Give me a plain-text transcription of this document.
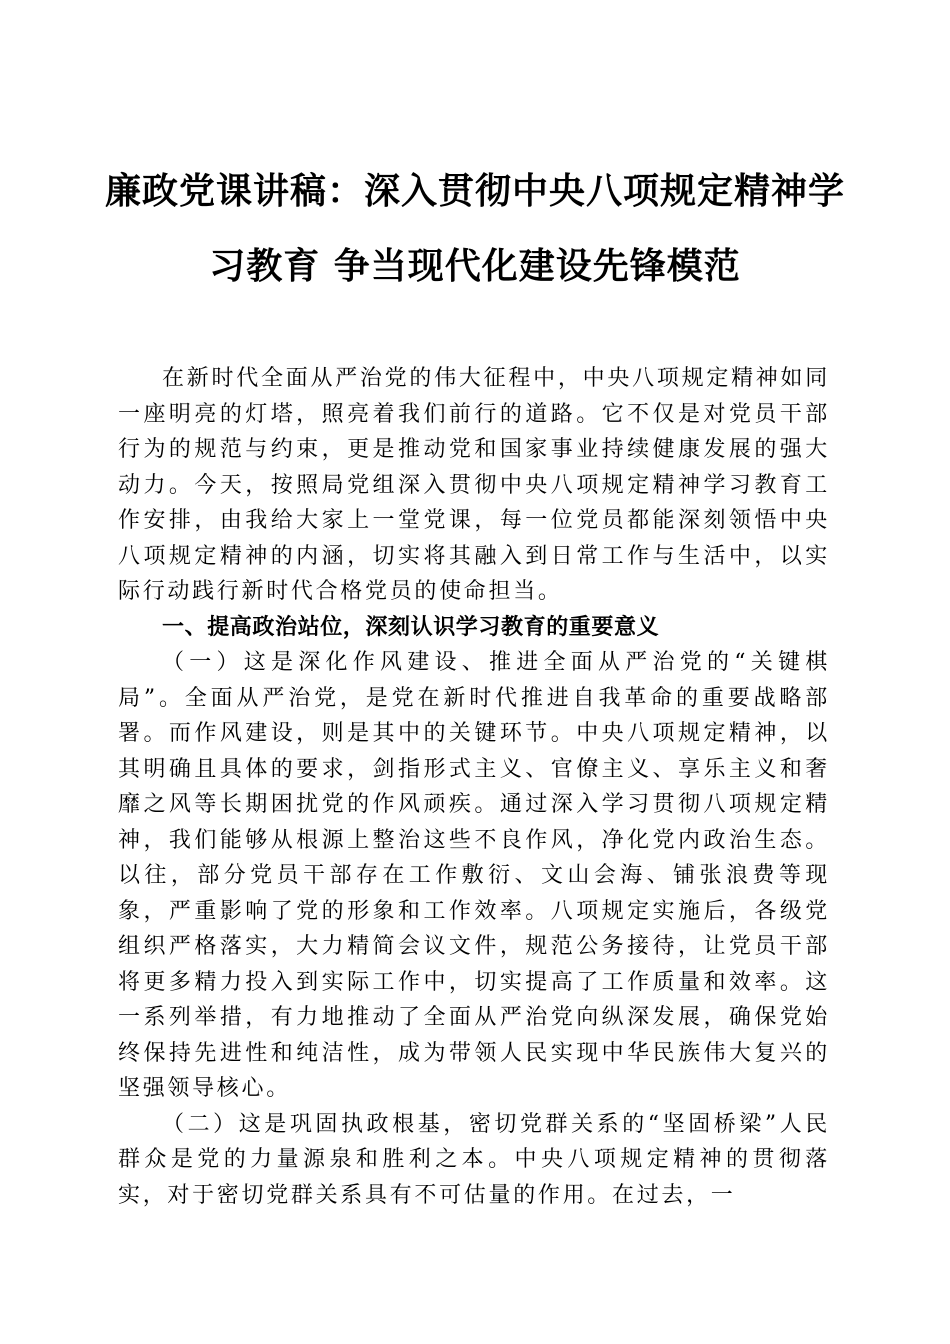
廉政党课讲稿：深入贯彻中央八项规定精神学
习教育 争当现代化建设先锋模范

在新时代全面从严治党的伟大征程中，中央八项规定精神如同一座明亮的灯塔，照亮着我们前行的道路。它不仅是对党员干部行为的规范与约束，更是推动党和国家事业持续健康发展的强大动力。今天，按照局党组深入贯彻中央八项规定精神学习教育工作安排，由我给大家上一堂党课，每一位党员都能深刻领悟中央八项规定精神的内涵，切实将其融入到日常工作与生活中，以实际行动践行新时代合格党员的使命担当。

一、提高政治站位，深刻认识学习教育的重要意义

（一）这是深化作风建设、推进全面从严治党的“关键棋局”。全面从严治党，是党在新时代推进自我革命的重要战略部署。而作风建设，则是其中的关键环节。中央八项规定精神，以其明确且具体的要求，剑指形式主义、官僚主义、享乐主义和奢靡之风等长期困扰党的作风顽疾。通过深入学习贯彻八项规定精神，我们能够从根源上整治这些不良作风，净化党内政治生态。以往，部分党员干部存在工作敷衍、文山会海、铺张浪费等现象，严重影响了党的形象和工作效率。八项规定实施后，各级党组织严格落实，大力精简会议文件，规范公务接待，让党员干部将更多精力投入到实际工作中，切实提高了工作质量和效率。这一系列举措，有力地推动了全面从严治党向纵深发展，确保党始终保持先进性和纯洁性，成为带领人民实现中华民族伟大复兴的坚强领导核心。

（二）这是巩固执政根基，密切党群关系的“坚固桥梁”人民群众是党的力量源泉和胜利之本。中央八项规定精神的贯彻落实，对于密切党群关系具有不可估量的作用。在过去，一
